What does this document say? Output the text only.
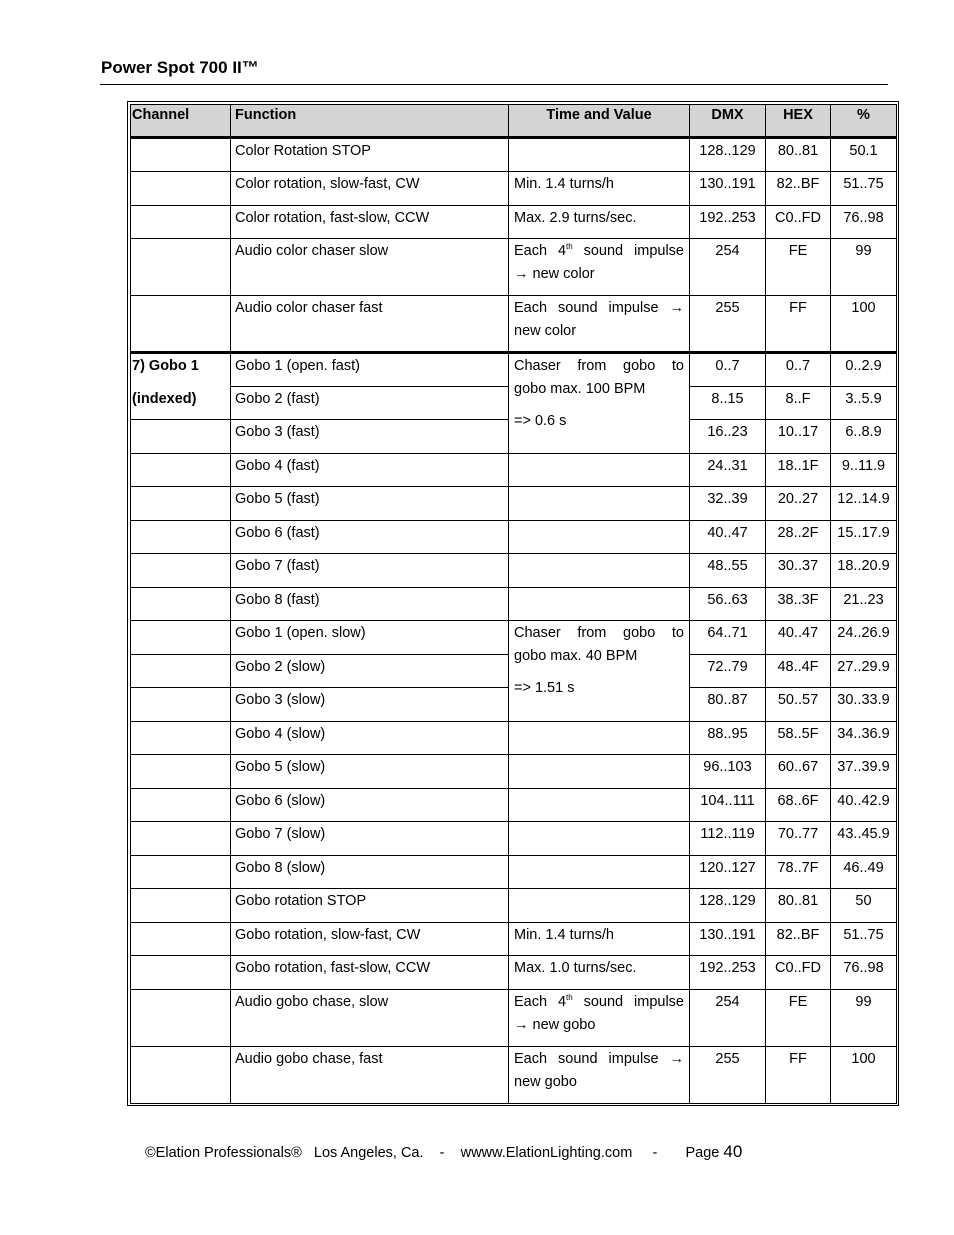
Power Spot 700 II™
Channel	Function	Time and Value	DMX	HEX	%
	Color Rotation STOP		128..129	80..81	50.1
	Color rotation, slow-fast, CW	Min. 1.4 turns/h	130..191	82..BF	51..75
	Color rotation, fast-slow, CCW	Max. 2.9 turns/sec.	192..253	C0..FD	76..98
	Audio color chaser slow	Each 4th sound impulse
→ new color	254	FE	99
	Audio color chaser fast	Each sound impulse →
new color	255	FF	100
7) Gobo 1	Gobo 1 (open. fast)	Chaser from gobo to
gobo max. 100 BPM
=> 0.6 s	0..7	0..7	0..2.9
(indexed)	Gobo 2 (fast)		8..15	8..F	3..5.9
	Gobo 3 (fast)		16..23	10..17	6..8.9
	Gobo 4 (fast)		24..31	18..1F	9..11.9
	Gobo 5 (fast)		32..39	20..27	12..14.9
	Gobo 6 (fast)		40..47	28..2F	15..17.9
	Gobo 7 (fast)		48..55	30..37	18..20.9
	Gobo 8 (fast)		56..63	38..3F	21..23
	Gobo 1 (open. slow)	Chaser from gobo to
gobo max. 40 BPM
=> 1.51 s	64..71	40..47	24..26.9
	Gobo 2 (slow)		72..79	48..4F	27..29.9
	Gobo 3 (slow)		80..87	50..57	30..33.9
	Gobo 4 (slow)		88..95	58..5F	34..36.9
	Gobo 5 (slow)		96..103	60..67	37..39.9
	Gobo 6 (slow)		104..111	68..6F	40..42.9
	Gobo 7 (slow)		112..119	70..77	43..45.9
	Gobo 8 (slow)		120..127	78..7F	46..49
	Gobo rotation STOP		128..129	80..81	50
	Gobo rotation, slow-fast, CW	Min. 1.4 turns/h	130..191	82..BF	51..75
	Gobo rotation, fast-slow, CCW	Max. 1.0 turns/sec.	192..253	C0..FD	76..98
	Audio gobo chase, slow	Each 4th sound impulse
→ new gobo	254	FE	99
	Audio gobo chase, fast	Each sound impulse →
new gobo	255	FF	100
©Elation Professionals® Los Angeles, Ca. - wwww.ElationLighting.com - Page 40
